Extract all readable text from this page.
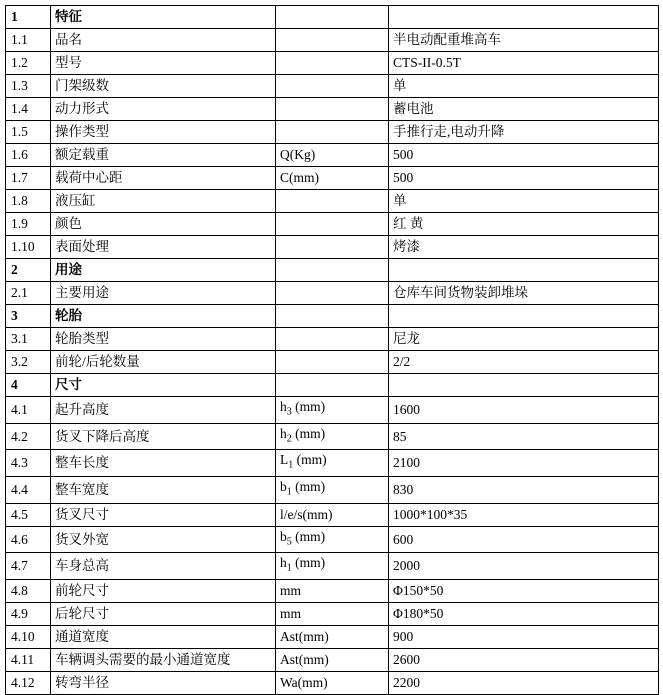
1	特征		
1.1	品名		半电动配重堆高车
1.2	型号		CTS-II-0.5T
1.3	门架级数		单
1.4	动力形式		蓄电池
1.5	操作类型		手推行走,电动升降
1.6	额定载重	Q(Kg)	500
1.7	载荷中心距	C(mm)	500
1.8	液压缸		单
1.9	颜色		红 黄
1.10	表面处理		烤漆
2	用途		
2.1	主要用途		仓库车间货物装卸堆垛
3	轮胎		
3.1	轮胎类型		尼龙
3.2	前轮/后轮数量		2/2
4	尺寸		
4.1	起升高度	$h_3$ (mm)	1600
4.2	货叉下降后高度	$h_2$ (mm)	85
4.3	整车长度	$L_1$ (mm)	2100
4.4	整车宽度	$b_1$ (mm)	830
4.5	货叉尺寸	l/e/s(mm)	1000*100*35
4.6	货叉外宽	$b_5$ (mm)	600
4.7	车身总高	$h_1$ (mm)	2000
4.8	前轮尺寸	mm	Φ150*50
4.9	后轮尺寸	mm	Φ180*50
4.10	通道宽度	Ast(mm)	900
4.11	车辆调头需要的最小通道宽度	Ast(mm)	2600
4.12	转弯半径	Wa(mm)	2200
